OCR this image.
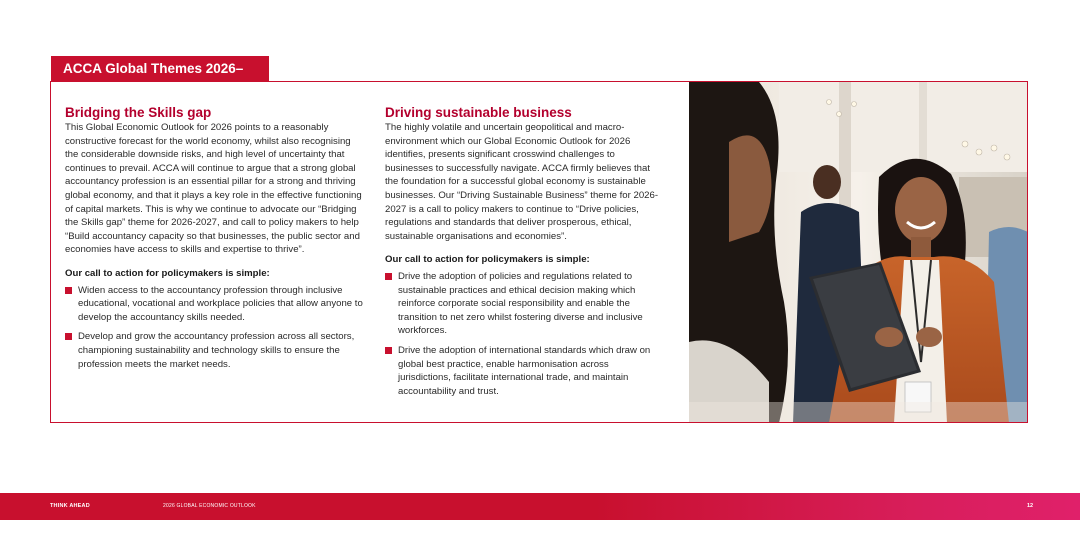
ACCA Global Themes 2026–2027
Bridging the Skills gap

This Global Economic Outlook for 2026 points to a reasonably constructive forecast for the world economy, whilst also recognising the considerable downside risks, and high level of uncertainty that continues to prevail. ACCA will continue to argue that a strong global accountancy profession is an essential pillar for a strong and thriving global economy, and that it plays a key role in the effective functioning of capital markets. This is why we continue to advocate our “Bridging the Skills gap” theme for 2026-2027, and call to policy makers to help “Build accountancy capacity so that businesses, the public sector and economies have access to skills and expertise to thrive”.

Our call to action for policymakers is simple:

Widen access to the accountancy profession through inclusive educational, vocational and workplace policies that allow anyone to develop the accountancy skills needed.
Develop and grow the accountancy profession across all sectors, championing sustainability and technology skills to ensure the profession meets the market needs.
Driving sustainable business

The highly volatile and uncertain geopolitical and macro-environment which our Global Economic Outlook for 2026 identifies, presents significant crosswind challenges to businesses to successfully navigate. ACCA firmly believes that the foundation for a successful global economy is sustainable businesses. Our “Driving Sustainable Business” theme for 2026-2027 is a call to policy makers to continue to “Drive policies, regulations and standards that deliver prosperous, ethical, sustainable organisations and economies”.

Our call to action for policymakers is simple:

Drive the adoption of policies and regulations related to sustainable practices and ethical decision making which reinforce corporate social responsibility and enable the transition to net zero whilst fostering diverse and inclusive workforces.
Drive the adoption of international standards which draw on global best practice, enable harmonisation across jurisdictions, facilitate international trade, and maintain accountability and trust.
THINK AHEAD	2026 GLOBAL ECONOMIC OUTLOOK	12
